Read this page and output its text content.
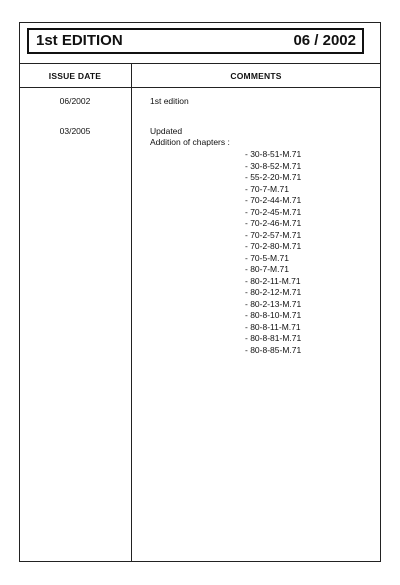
1st EDITION	06 / 2002
ISSUE DATE	COMMENTS
06/2002	1st edition
03/2005	Updated
Addition of chapters :
- 30-8-51-M.71
- 30-8-52-M.71
- 55-2-20-M.71
- 70-7-M.71
- 70-2-44-M.71
- 70-2-45-M.71
- 70-2-46-M.71
- 70-2-57-M.71
- 70-2-80-M.71
- 70-5-M.71
- 80-7-M.71
- 80-2-11-M.71
- 80-2-12-M.71
- 80-2-13-M.71
- 80-8-10-M.71
- 80-8-11-M.71
- 80-8-81-M.71
- 80-8-85-M.71
